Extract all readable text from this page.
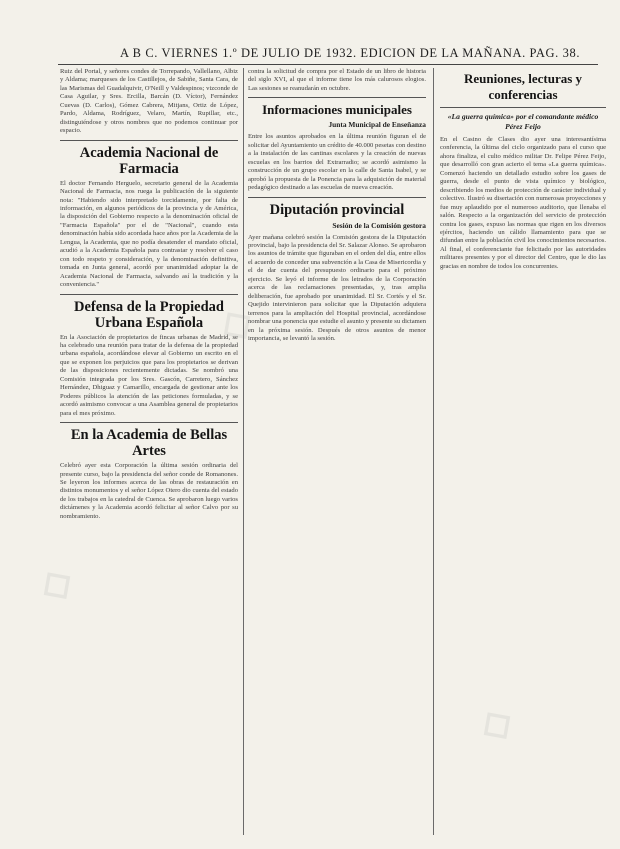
A B C. VIERNES 1.º DE JULIO DE 1932. EDICION DE LA MAÑANA. PAG. 38.
Ruiz del Portal, y señores condes de Torrepando, Vallellano, Albiz y Aldama; marqueses de los Castillejos, de Sabiñe, Santa Cara, de las Marismas del Guadalquivir, O'Neill y Valdespinos; vizconde de Casa Aguilar, y Sres. Ercilla, Barcán (D. Víctor), Fernández Cuevas (D. Carlos), Gómez Cabrera, Mitjans, Ortiz de López, Pardo, Aldama, Rodríguez, Velaro, Martín, Rupillar, etc., distinguiéndose y otros nombres que no podemos continuar por espacio.
Academia Nacional de Farmacia
El doctor Fernando Herguelo, secretario general de la Academia Nacional de Farmacia, nos ruega la publicación de la siguiente nota: "Habiendo sido interpretado torcidamente, por falta de información, en algunos periódicos de la provincia y de América, la disposición del Gobierno respecto a la denominación oficial de "Farmacia Española" por el de "Nacional", cuando esta denominación había sido acordada hace años por la Academia de la Lengua, la Academia, que no podía desatender el mandato oficial, acudió a la Academia Española para contrastar y resolver el caso con todo respeto y consideración, y la denominación definitiva, tomada en Junta general, acordó por unanimidad adoptar la de Academia Nacional de Farmacia, salvando así la tradición y la conveniencia."
Defensa de la Propiedad Urbana Española
En la Asociación de propietarios de fincas urbanas de Madrid, se ha celebrado una reunión para tratar de la defensa de la propiedad urbana española, acordándose elevar al Gobierno un escrito en el que se exponen los perjuicios que para los propietarios se derivan de las disposiciones recientemente dictadas. Se nombró una Comisión integrada por los Sres. Gascón, Carretero, Sánchez Hernández, Dhiguaz y Camarillo, encargada de gestionar ante los Poderes públicos la atención de las peticiones formuladas, y se acordó asimismo convocar a una Asamblea general de propietarios para el mes próximo.
En la Academia de Bellas Artes
Celebró ayer esta Corporación la última sesión ordinaria del presente curso, bajo la presidencia del señor conde de Romanones. Se leyeron los informes acerca de las obras de restauración en distintos monumentos y el señor López Otero dio cuenta del estado de los trabajos en la catedral de Cuenca. Se aprobaron luego varios dictámenes y la Academia acordó felicitar al señor Calvo por su nombramiento.
contra la solicitud de compra por el Estado de un libro de historia del siglo XVI, al que el informe tiene los más calurosos elogios. Las sesiones se reanudarán en octubre.
Informaciones municipales
Junta Municipal de Enseñanza
Entre los asuntos aprobados en la última reunión figuran el de solicitar del Ayuntamiento un crédito de 40.000 pesetas con destino a la instalación de las cantinas escolares y la creación de nuevas escuelas en los barrios del Extrarradio; se acordó asimismo la construcción de un grupo escolar en la calle de Santa Isabel, y se aprobó la propuesta de la Ponencia para la adquisición de material pedagógico destinado a las escuelas de nueva creación.
Diputación provincial
Sesión de la Comisión gestora
Ayer mañana celebró sesión la Comisión gestora de la Diputación provincial, bajo la presidencia del Sr. Salazar Alonso. Se aprobaron los asuntos de trámite que figuraban en el orden del día, entre ellos el acuerdo de conceder una subvención a la Casa de Misericordia y el de dar cuenta del presupuesto ordinario para el próximo ejercicio. Se leyó el informe de los letrados de la Corporación acerca de las reclamaciones presentadas, y, tras amplia deliberación, fue aprobado por unanimidad. El Sr. Cortés y el Sr. Quejido intervinieron para solicitar que la Diputación adquiera terrenos para la ampliación del Hospital provincial, acordándose nombrar una ponencia que estudie el asunto y presente su dictamen en la próxima sesión. Después de otros asuntos de menor importancia, se levantó la sesión.
Reuniones, lecturas y conferencias
«La guerra química» por el comandante médico Pérez Feijo
En el Casino de Clases dio ayer una interesantísima conferencia, la última del ciclo organizado para el curso que ahora finaliza, el culto médico militar Dr. Felipe Pérez Feijo, que desarrolló con gran acierto el tema «La guerra química». Comenzó haciendo un detallado estudio sobre los gases de guerra, desde el punto de vista químico y biológico, describiendo los medios de protección de carácter individual y colectivo. Ilustró su disertación con numerosas proyecciones y fue muy aplaudido por el numeroso auditorio, que llenaba el salón. Respecto a la organización del servicio de protección contra los gases, expuso las normas que rigen en los diversos ejércitos, haciendo un cálido llamamiento para que se difundan entre la población civil los conocimientos necesarios. Al final, el conferenciante fue felicitado por las autoridades militares presentes y por el director del Centro, que le dio las gracias en nombre de todos los concurrentes.
◇
◇
◇
